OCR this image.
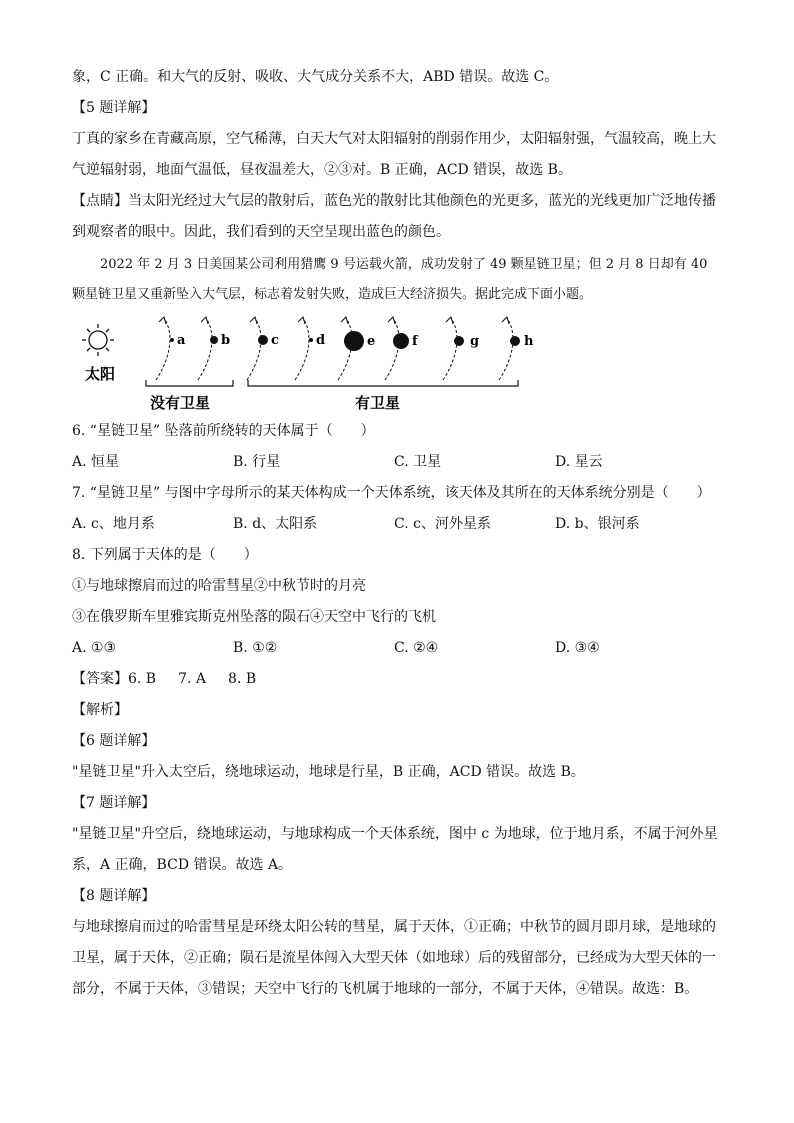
象，C 正确。和大气的反射、吸收、大气成分关系不大，ABD 错误。故选 C。

【5 题详解】

丁真的家乡在青藏高原，空气稀薄，白天大气对太阳辐射的削弱作用少，太阳辐射强，气温较高，晚上大气逆辐射弱，地面气温低，昼夜温差大，②③对。B 正确，ACD 错误，故选 B。

【点睛】当太阳光经过大气层的散射后，蓝色光的散射比其他颜色的光更多，蓝光的光线更加广泛地传播到观察者的眼中。因此，我们看到的天空呈现出蓝色的颜色。

2022 年 2 月 3 日美国某公司利用猎鹰 9 号运载火箭，成功发射了 49 颗星链卫星；但 2 月 8 日却有 40 颗星链卫星又重新坠入大气层，标志着发射失败，造成巨大经济损失。据此完成下面小题。

太阳
a	b	c	d	e	f	g	h
没有卫星	有卫星

6. “星链卫星” 坠落前所绕转的天体属于（　　）

A. 恒星	B. 行星	C. 卫星	D. 星云

7. “星链卫星” 与图中字母所示的某天体构成一个天体系统，该天体及其所在的天体系统分别是（　　）

A. c、地月系	B. d、太阳系	C. c、河外星系	D. b、银河系

8. 下列属于天体的是（　　）

①与地球擦肩而过的哈雷彗星②中秋节时的月亮

③在俄罗斯车里雅宾斯克州坠落的陨石④天空中飞行的飞机

A. ①③	B. ①②	C. ②④	D. ③④
【答案】 6. B 7. A 8. B

【解析】

【6 题详解】

"星链卫星"升入太空后，绕地球运动，地球是行星，B 正确，ACD 错误。故选 B。

【7 题详解】

"星链卫星"升空后，绕地球运动，与地球构成一个天体系统，图中 c 为地球，位于地月系，不属于河外星系，A 正确，BCD 错误。故选 A。

【8 题详解】

与地球擦肩而过的哈雷彗星是环绕太阳公转的彗星，属于天体，①正确；中秋节的圆月即月球，是地球的卫星，属于天体，②正确；陨石是流星体闯入大型天体（如地球）后的残留部分，已经成为大型天体的一部分，不属于天体，③错误；天空中飞行的飞机属于地球的一部分，不属于天体，④错误。故选：B。
